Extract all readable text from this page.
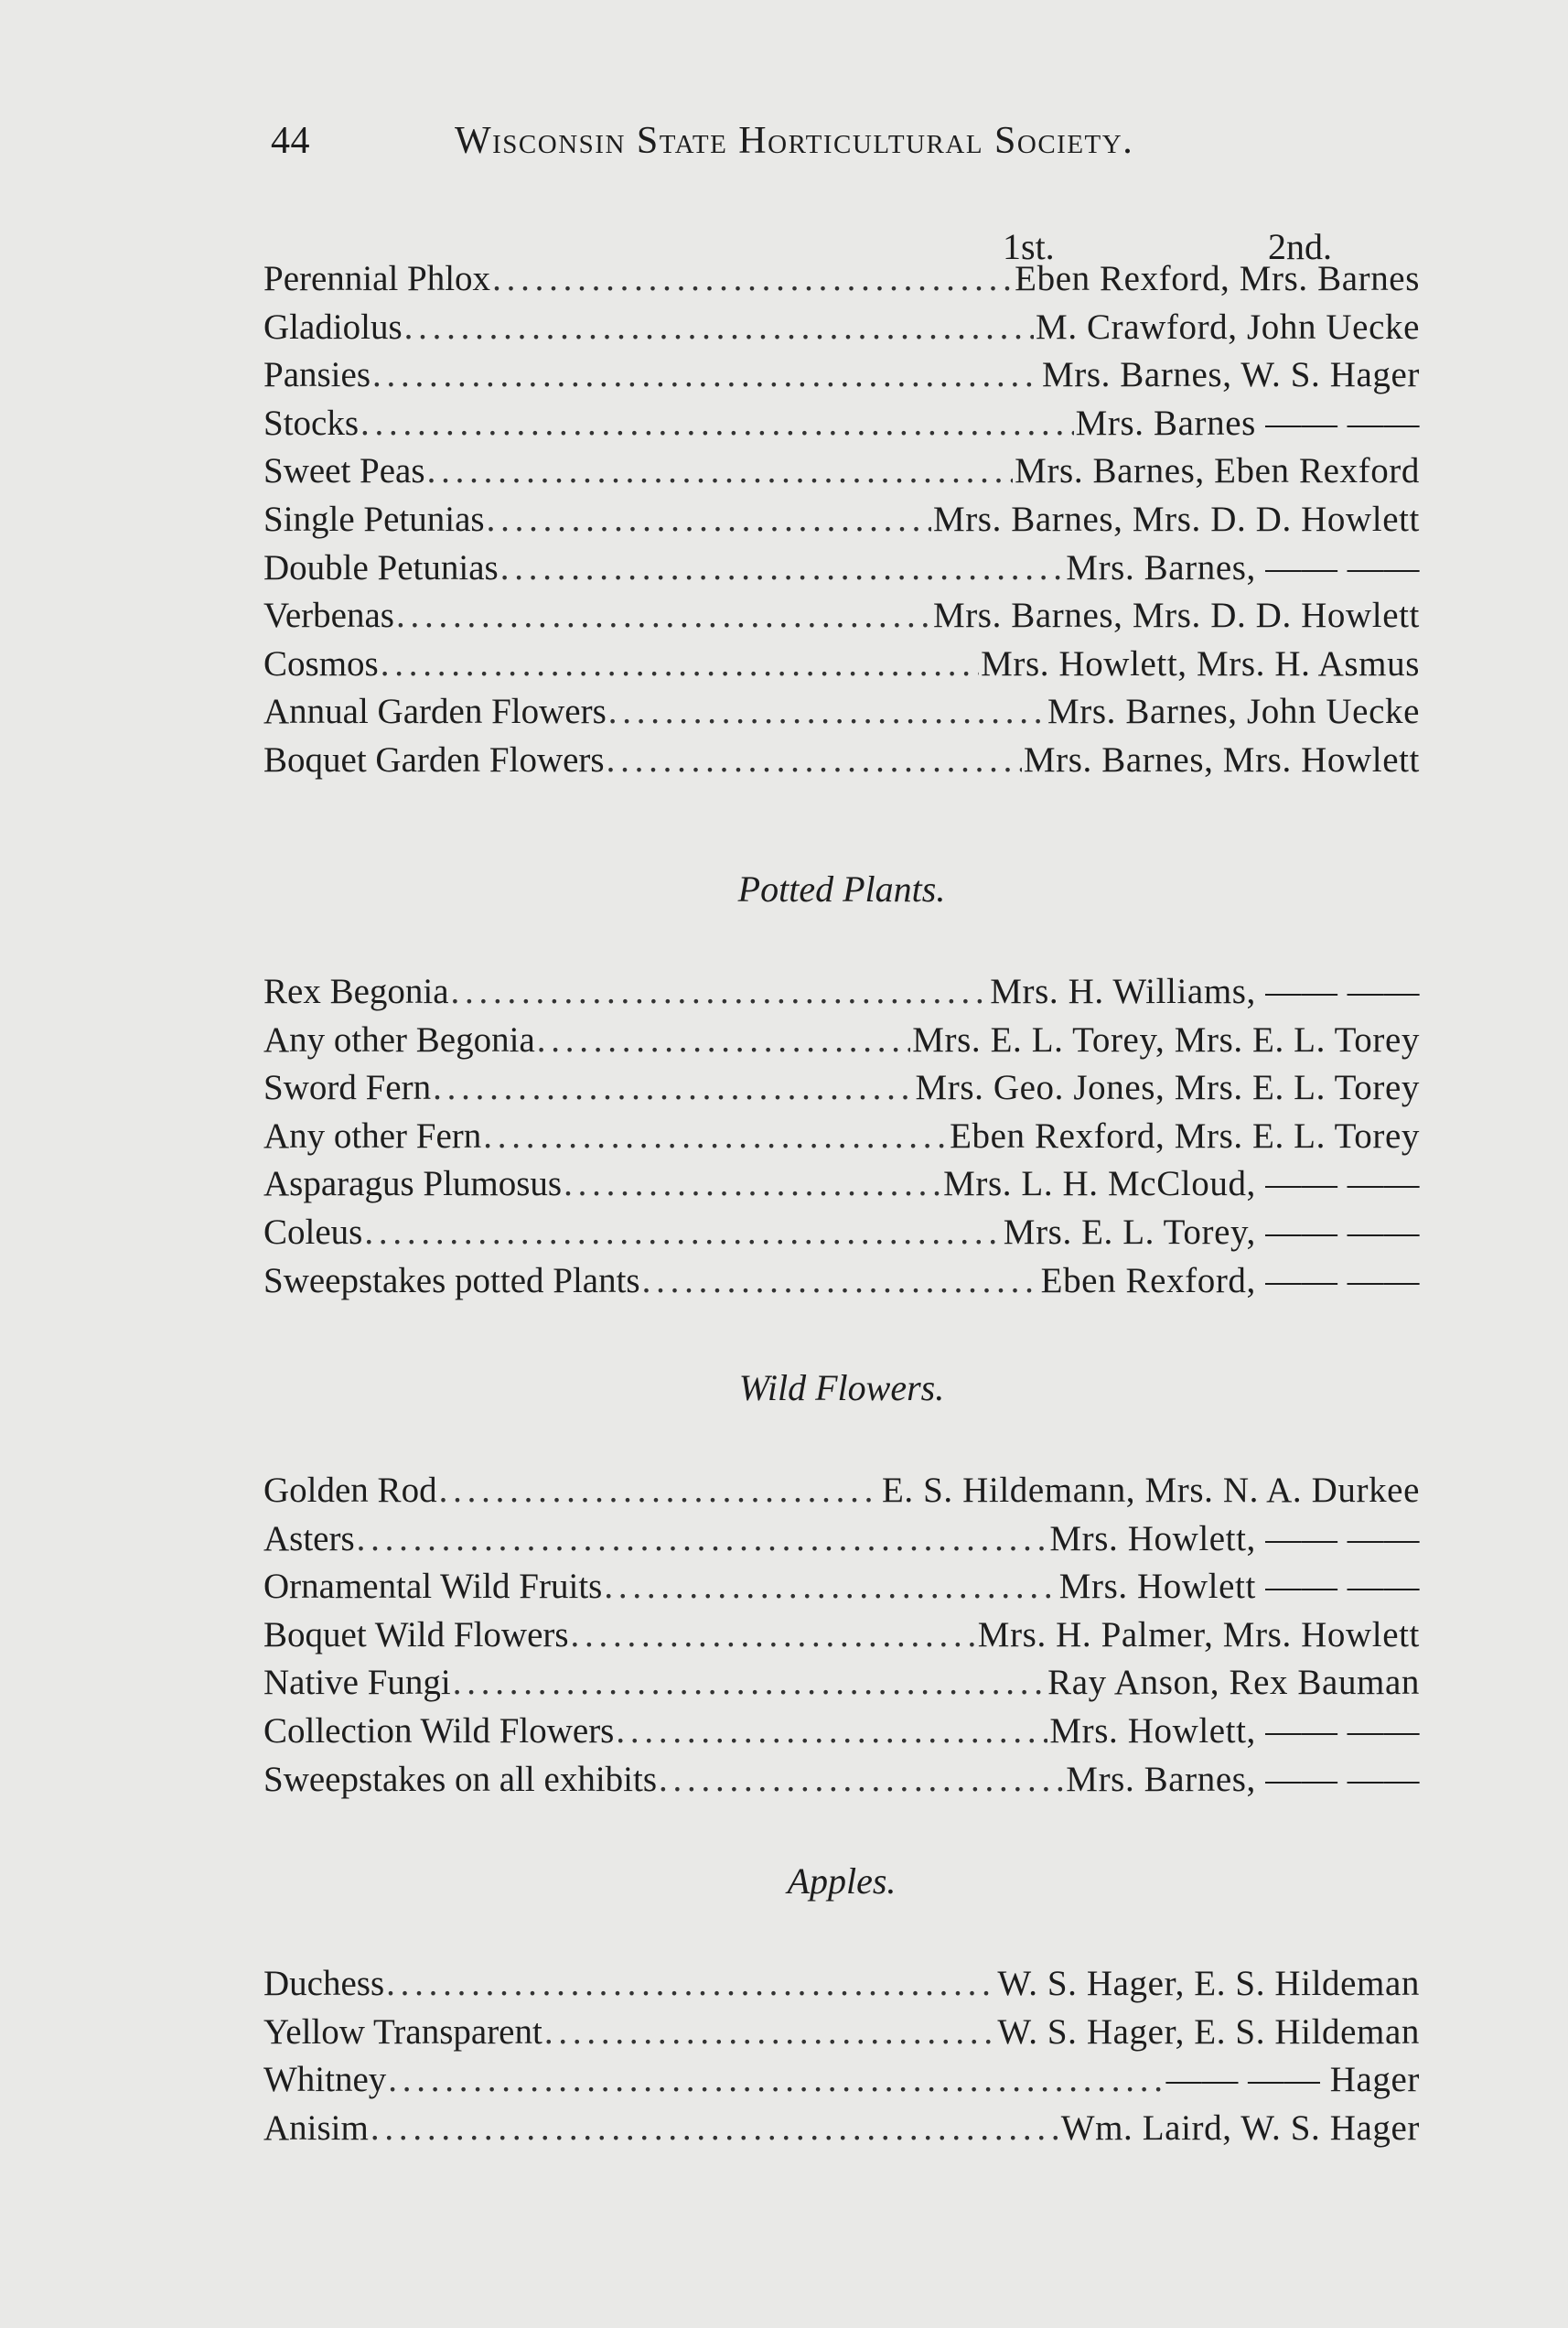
44	Wisconsin State Horticultural Society.
1st.	2nd.
Perennial Phlox . . .	Eben Rexford, Mrs. Barnes
Gladiolus . . .	M. Crawford, John Uecke
Pansies . . .	Mrs. Barnes, W. S. Hager
Stocks . . .	Mrs. Barnes —— ——
Sweet Peas . . .	Mrs. Barnes, Eben Rexford
Single Petunias . . .	Mrs. Barnes, Mrs. D. D. Howlett
Double Petunias . . .	Mrs. Barnes, —— ——
Verbenas . . .	Mrs. Barnes, Mrs. D. D. Howlett
Cosmos . . .	Mrs. Howlett, Mrs. H. Asmus
Annual Garden Flowers . . .	Mrs. Barnes, John Uecke
Boquet Garden Flowers . . .	Mrs. Barnes, Mrs. Howlett
Potted Plants.
Rex Begonia . . .	Mrs. H. Williams, —— ——
Any other Begonia . . .	Mrs. E. L. Torey, Mrs. E. L. Torey
Sword Fern . . .	Mrs. Geo. Jones, Mrs. E. L. Torey
Any other Fern . . .	Eben Rexford, Mrs. E. L. Torey
Asparagus Plumosus . . .	Mrs. L. H. McCloud, —— ——
Coleus . . .	Mrs. E. L. Torey, —— ——
Sweepstakes potted Plants . . .	Eben Rexford, —— ——
Wild Flowers.
Golden Rod . . .	E. S. Hildemann, Mrs. N. A. Durkee
Asters . . .	Mrs. Howlett, —— ——
Ornamental Wild Fruits . . .	Mrs. Howlett —— ——
Boquet Wild Flowers . . .	Mrs. H. Palmer, Mrs. Howlett
Native Fungi . . .	Ray Anson, Rex Bauman
Collection Wild Flowers . . .	Mrs. Howlett, —— ——
Sweepstakes on all exhibits . . .	Mrs. Barnes, —— ——
Apples.
Duchess . . .	W. S. Hager, E. S. Hildeman
Yellow Transparent . . .	W. S. Hager, E. S. Hildeman
Whitney . . .	—— —— Hager
Anisim . . .	Wm. Laird, W. S. Hager
